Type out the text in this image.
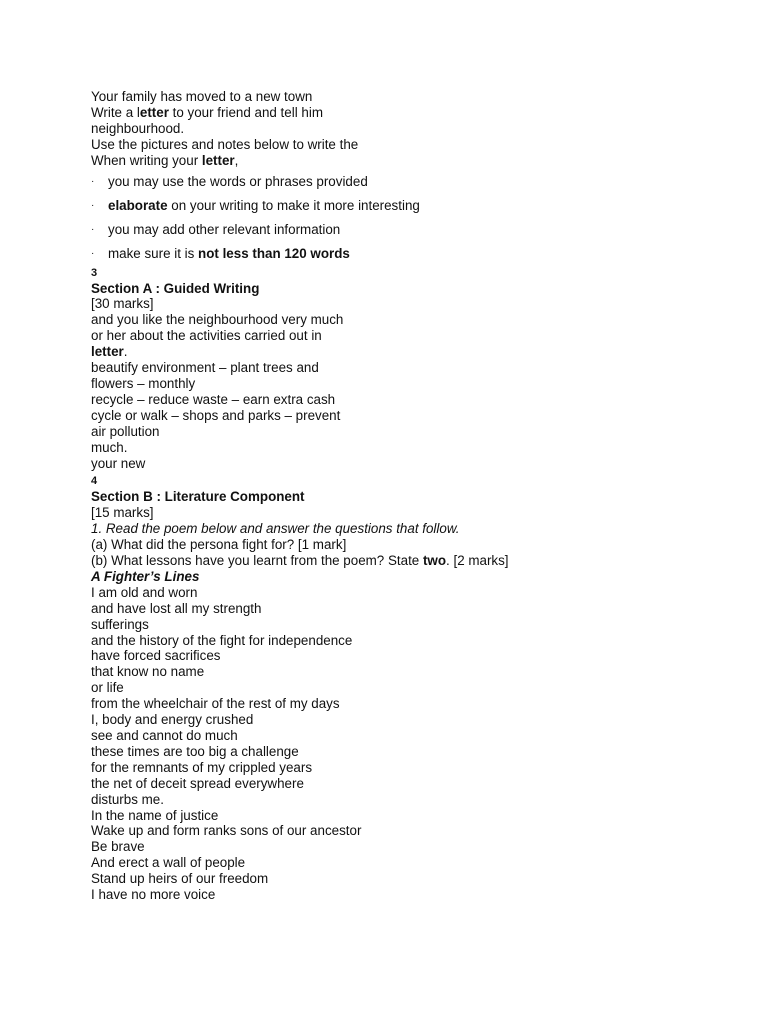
Your family has moved to a new town
Write a letter to your friend and tell him
neighbourhood.
Use the pictures and notes below to write the
When writing your letter,
· you may use the words or phrases provided
· elaborate on your writing to make it more interesting
· you may add other relevant information
· make sure it is not less than 120 words
3
Section A : Guided Writing
[30 marks]
and you like the neighbourhood very much
or her about the activities carried out in
letter.
beautify environment – plant trees and
flowers – monthly
recycle – reduce waste – earn extra cash
cycle or walk – shops and parks – prevent
air pollution
much.
your new
4
Section B : Literature Component
[15 marks]
1. Read the poem below and answer the questions that follow.
(a) What did the persona fight for? [1 mark]
(b) What lessons have you learnt from the poem? State two. [2 marks]
A Fighter’s Lines
I am old and worn
and have lost all my strength
sufferings
and the history of the fight for independence
have forced sacrifices
that know no name
or life
from the wheelchair of the rest of my days
I, body and energy crushed
see and cannot do much
these times are too big a challenge
for the remnants of my crippled years
the net of deceit spread everywhere
disturbs me.
In the name of justice
Wake up and form ranks sons of our ancestor
Be brave
And erect a wall of people
Stand up heirs of our freedom
I have no more voice
